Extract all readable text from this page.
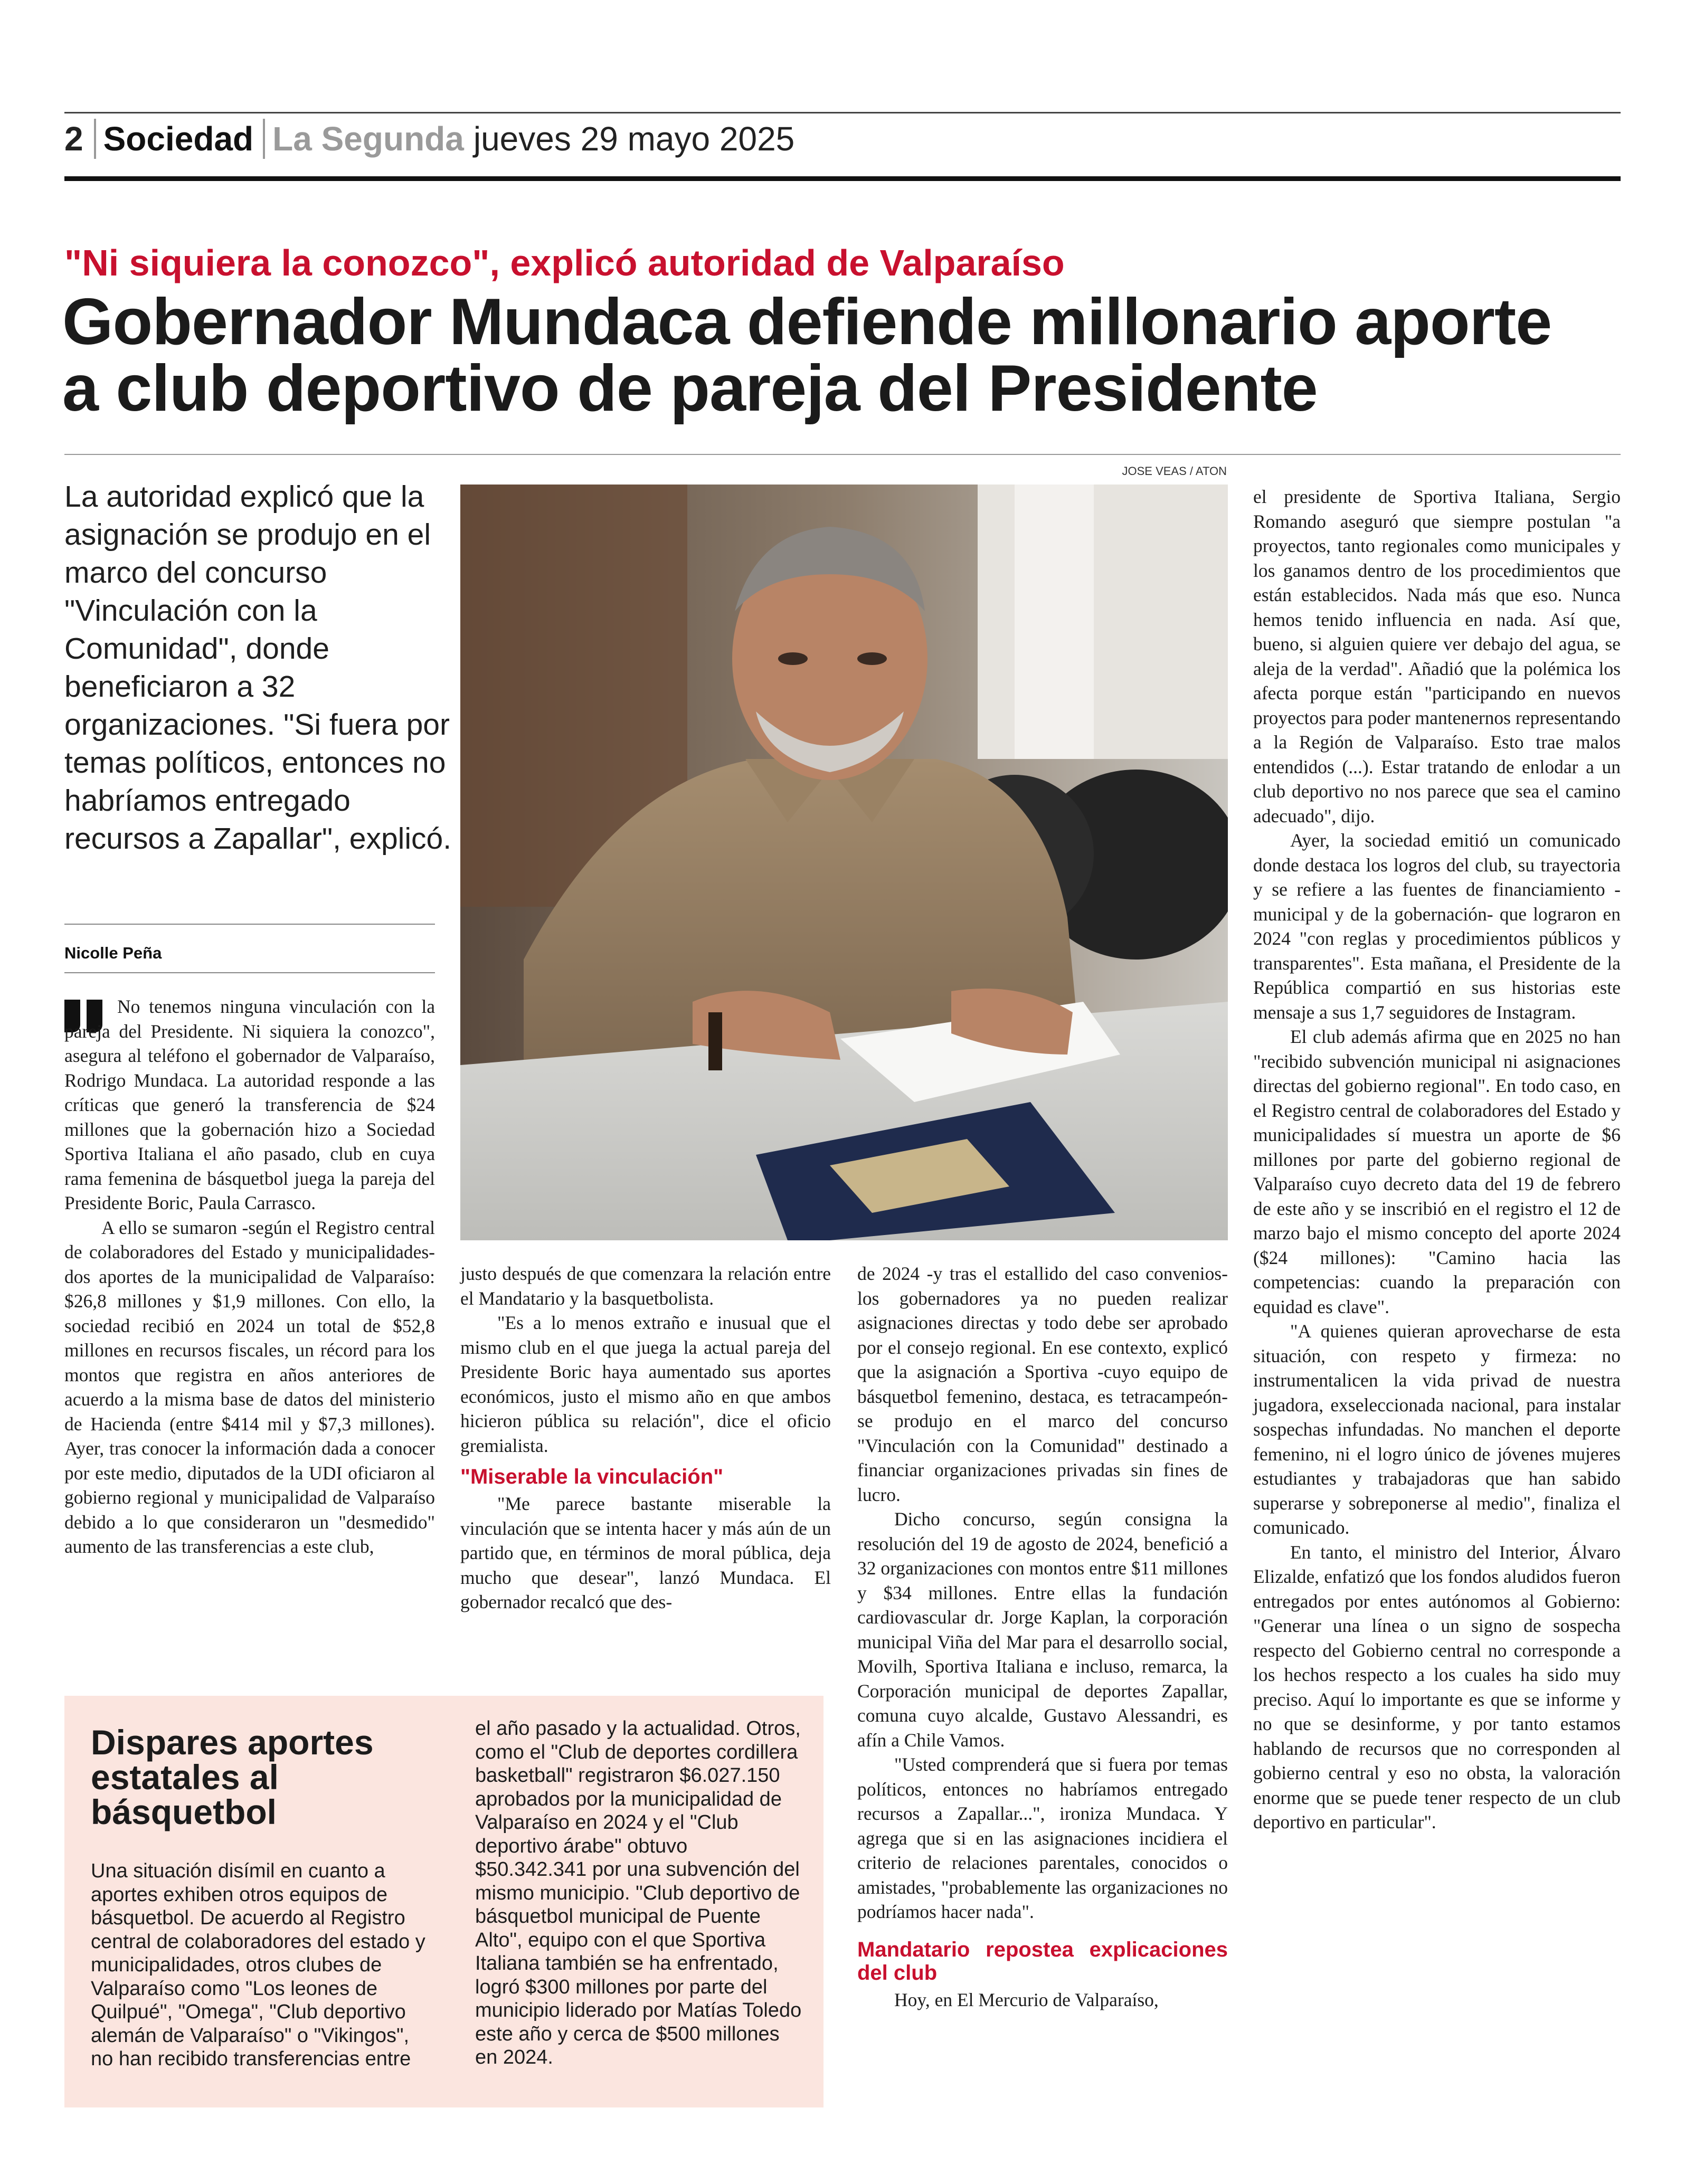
2 Sociedad La Segunda jueves 29 mayo 2025
"Ni siquiera la conozco", explicó autoridad de Valparaíso
Gobernador Mundaca defiende millonario aporte
a club deportivo de pareja del Presidente
La autoridad explicó que la asignación se produjo en el marco del concurso "Vinculación con la Comunidad", donde beneficiaron a 32 organizaciones. "Si fuera por temas políticos, entonces no habríamos entregado recursos a Zapallar", explicó.
Nicolle Peña
JOSE VEAS / ATON

No tenemos ninguna vinculación con la pareja del Presidente. Ni siquiera la conozco", asegura al teléfono el gobernador de Valparaíso, Rodrigo Mundaca. La autoridad responde a las críticas que generó la transferencia de $24 millones que la gobernación hizo a Sociedad Sportiva Italiana el año pasado, club en cuya rama femenina de básquetbol juega la pareja del Presidente Boric, Paula Carrasco.

A ello se sumaron -según el Registro central de colaboradores del Estado y municipalidades- dos aportes de la municipalidad de Valparaíso: $26,8 millones y $1,9 millones. Con ello, la sociedad recibió en 2024 un total de $52,8 millones en recursos fiscales, un récord para los montos que registra en años anteriores de acuerdo a la misma base de datos del ministerio de Hacienda (entre $414 mil y $7,3 millones). Ayer, tras conocer la información dada a conocer por este medio, diputados de la UDI oficiaron al gobierno regional y municipalidad de Valparaíso debido a lo que consideraron un "desmedido" aumento de las transferencias a este club,

justo después de que comenzara la relación entre el Mandatario y la basquetbolista.

"Es a lo menos extraño e inusual que el mismo club en el que juega la actual pareja del Presidente Boric haya aumentado sus aportes económicos, justo el mismo año en que ambos hicieron pública su relación", dice el oficio gremialista.

"Miserable la vinculación"

"Me parece bastante miserable la vinculación que se intenta hacer y más aún de un partido que, en términos de moral pública, deja mucho que desear", lanzó Mundaca. El gobernador recalcó que des-

de 2024 -y tras el estallido del caso convenios- los gobernadores ya no pueden realizar asignaciones directas y todo debe ser aprobado por el consejo regional. En ese contexto, explicó que la asignación a Sportiva -cuyo equipo de básquetbol femenino, destaca, es tetracampeón- se produjo en el marco del concurso "Vinculación con la Comunidad" destinado a financiar organizaciones privadas sin fines de lucro.

Dicho concurso, según consigna la resolución del 19 de agosto de 2024, benefició a 32 organizaciones con montos entre $11 millones y $34 millones. Entre ellas la fundación cardiovascular dr. Jorge Kaplan, la corporación municipal Viña del Mar para el desarrollo social, Movilh, Sportiva Italiana e incluso, remarca, la Corporación municipal de deportes Zapallar, comuna cuyo alcalde, Gustavo Alessandri, es afín a Chile Vamos.

"Usted comprenderá que si fuera por temas políticos, entonces no habríamos entregado recursos a Zapallar...", ironiza Mundaca. Y agrega que si en las asignaciones incidiera el criterio de relaciones parentales, conocidos o amistades, "probablemente las organizaciones no podríamos hacer nada".

Mandatario repostea explicaciones del club

Hoy, en El Mercurio de Valparaíso,

el presidente de Sportiva Italiana, Sergio Romando aseguró que siempre postulan "a proyectos, tanto regionales como municipales y los ganamos dentro de los procedimientos que están establecidos. Nada más que eso. Nunca hemos tenido influencia en nada. Así que, bueno, si alguien quiere ver debajo del agua, se aleja de la verdad". Añadió que la polémica los afecta porque están "participando en nuevos proyectos para poder mantenernos representando a la Región de Valparaíso. Esto trae malos entendidos (...). Estar tratando de enlodar a un club deportivo no nos parece que sea el camino adecuado", dijo.

Ayer, la sociedad emitió un comunicado donde destaca los logros del club, su trayectoria y se refiere a las fuentes de financiamiento -municipal y de la gobernación- que lograron en 2024 "con reglas y procedimientos públicos y transparentes". Esta mañana, el Presidente de la República compartió en sus historias este mensaje a sus 1,7 seguidores de Instagram.

El club además afirma que en 2025 no han "recibido subvención municipal ni asignaciones directas del gobierno regional". En todo caso, en el Registro central de colaboradores del Estado y municipalidades sí muestra un aporte de $6 millones por parte del gobierno regional de Valparaíso cuyo decreto data del 19 de febrero de este año y se inscribió en el registro el 12 de marzo bajo el mismo concepto del aporte 2024 ($24 millones): "Camino hacia las competencias: cuando la preparación con equidad es clave".

"A quienes quieran aprovecharse de esta situación, con respeto y firmeza: no instrumentalicen la vida privad de nuestra jugadora, exseleccionada nacional, para instalar sospechas infundadas. No manchen el deporte femenino, ni el logro único de jóvenes mujeres estudiantes y trabajadoras que han sabido superarse y sobreponerse al medio", finaliza el comunicado.

En tanto, el ministro del Interior, Álvaro Elizalde, enfatizó que los fondos aludidos fueron entregados por entes autónomos al Gobierno: "Generar una línea o un signo de sospecha respecto del Gobierno central no corresponde a los hechos respecto a los cuales ha sido muy preciso. Aquí lo importante es que se informe y no que se desinforme, y por tanto estamos hablando de recursos que no corresponden al gobierno central y eso no obsta, la valoración enorme que se puede tener respecto de un club deportivo en particular".

Dispares aportes estatales al básquetbol
Una situación disímil en cuanto a aportes exhiben otros equipos de básquetbol. De acuerdo al Registro central de colaboradores del estado y municipalidades, otros clubes de Valparaíso como "Los leones de Quilpué", "Omega", "Club deportivo alemán de Valparaíso" o "Vikingos", no han recibido transferencias entre
el año pasado y la actualidad. Otros, como el "Club de deportes cordillera basketball" registraron $6.027.150 aprobados por la municipalidad de Valparaíso en 2024 y el "Club deportivo árabe" obtuvo $50.342.341 por una subvención del mismo municipio. "Club deportivo de básquetbol municipal de Puente Alto", equipo con el que Sportiva Italiana también se ha enfrentado, logró $300 millones por parte del municipio liderado por Matías Toledo este año y cerca de $500 millones en 2024.
